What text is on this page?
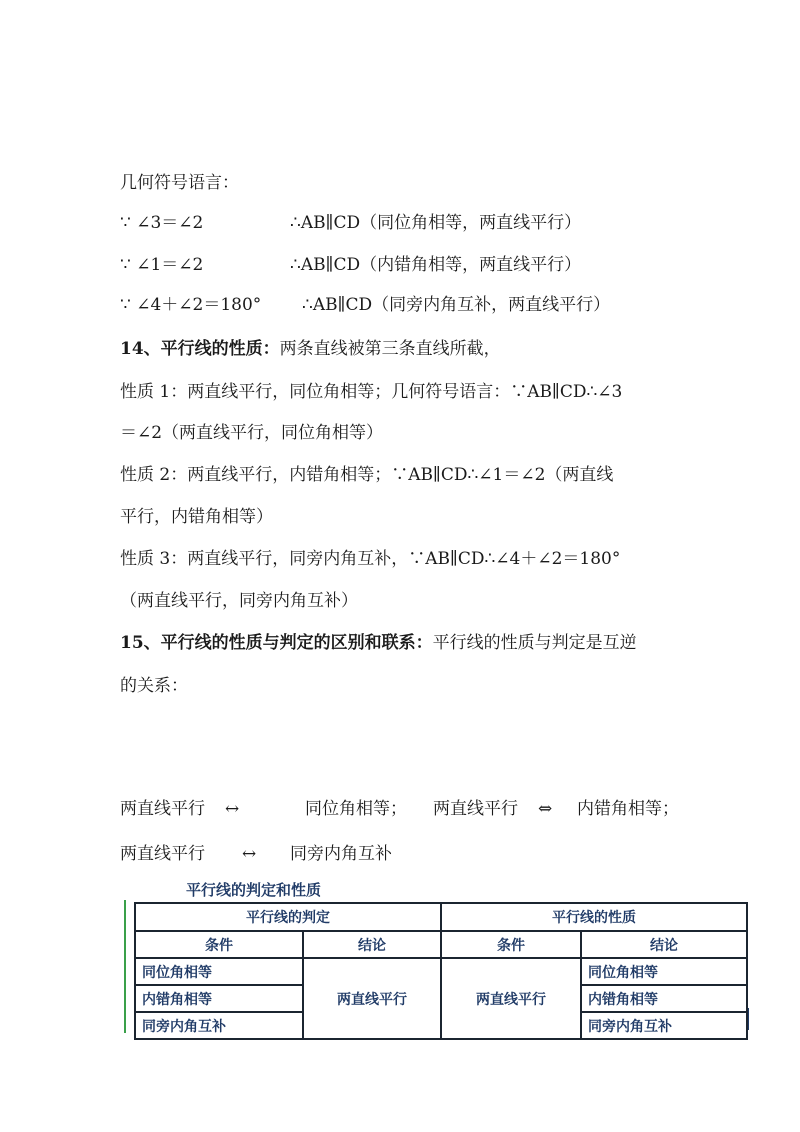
几何符号语言：
∵ ∠3＝∠2	∴AB∥CD（同位角相等，两直线平行）
∵ ∠1＝∠2	∴AB∥CD（内错角相等，两直线平行）
∵ ∠4＋∠2＝180° ∴AB∥CD（同旁内角互补，两直线平行）
14、平行线的性质：两条直线被第三条直线所截，
性质 1：两直线平行，同位角相等；几何符号语言：∵AB∥CD∴∠3
＝∠2（两直线平行，同位角相等）
性质 2：两直线平行，内错角相等；∵AB∥CD∴∠1＝∠2（两直线
平行，内错角相等）
性质 3：两直线平行，同旁内角互补，∵AB∥CD∴∠4＋∠2＝180°
（两直线平行，同旁内角互补）
15、平行线的性质与判定的区别和联系：平行线的性质与判定是互逆
的关系：
两直线平行 ↔	同位角相等； 两直线平行 ⇔ 内错角相等；
两直线平行 ↔ 同旁内角互补
平行线的判定和性质
平行线的判定		平行线的性质	
条件	结论	条件	结论
同位角相等	两直线平行	两直线平行	同位角相等
内错角相等			内错角相等
同旁内角互补			同旁内角互补
